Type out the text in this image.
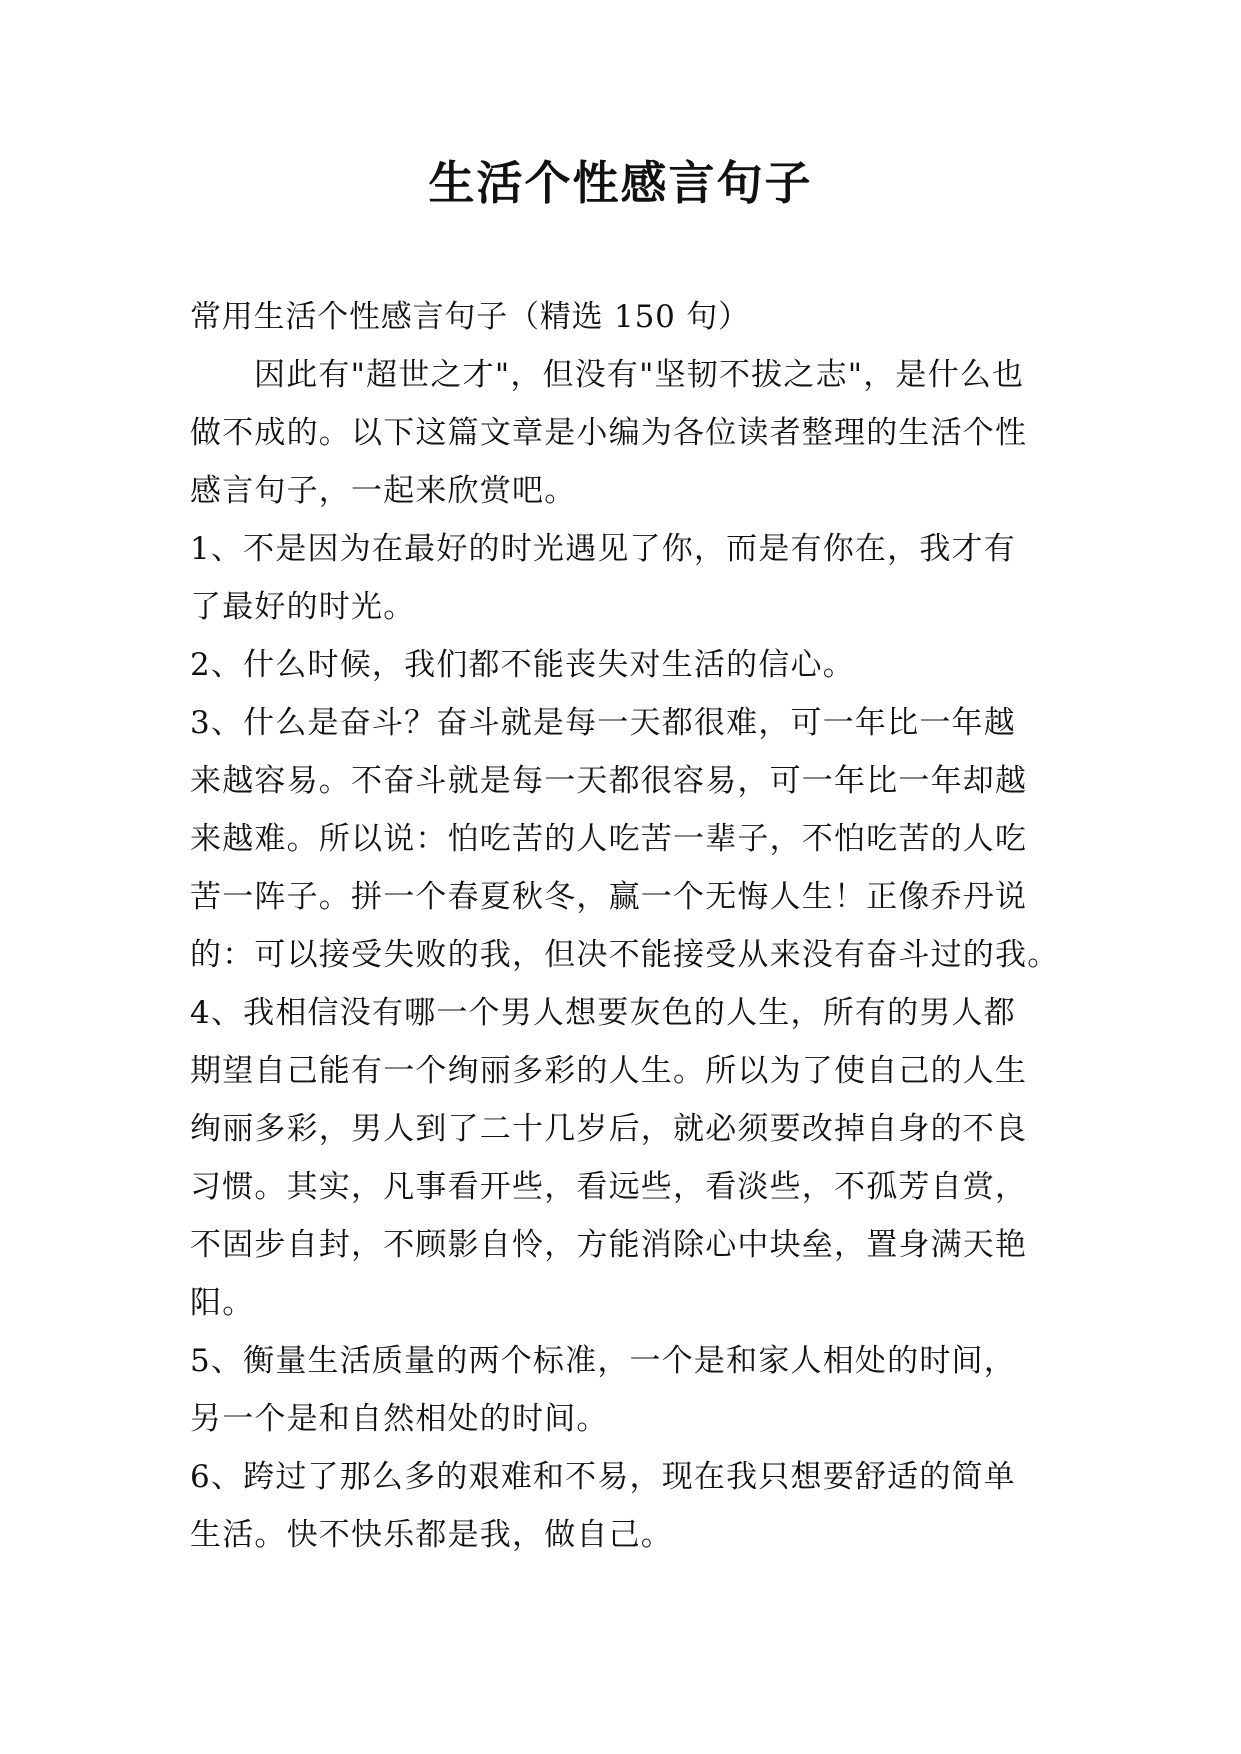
生活个性感言句子
常用生活个性感言句子（精选 150 句）
因此有"超世之才"，但没有"坚韧不拔之志"，是什么也
做不成的。以下这篇文章是小编为各位读者整理的生活个性
感言句子，一起来欣赏吧。
1、不是因为在最好的时光遇见了你，而是有你在，我才有
了最好的时光。
2、什么时候，我们都不能丧失对生活的信心。
3、什么是奋斗？奋斗就是每一天都很难，可一年比一年越
来越容易。不奋斗就是每一天都很容易，可一年比一年却越
来越难。所以说：怕吃苦的人吃苦一辈子，不怕吃苦的人吃
苦一阵子。拼一个春夏秋冬，赢一个无悔人生！正像乔丹说
的：可以接受失败的我，但决不能接受从来没有奋斗过的我。
4、我相信没有哪一个男人想要灰色的人生，所有的男人都
期望自己能有一个绚丽多彩的人生。所以为了使自己的人生
绚丽多彩，男人到了二十几岁后，就必须要改掉自身的不良
习惯。其实，凡事看开些，看远些，看淡些，不孤芳自赏，
不固步自封，不顾影自怜，方能消除心中块垒，置身满天艳
阳。
5、衡量生活质量的两个标准，一个是和家人相处的时间，
另一个是和自然相处的时间。
6、跨过了那么多的艰难和不易，现在我只想要舒适的简单
生活。快不快乐都是我，做自己。
